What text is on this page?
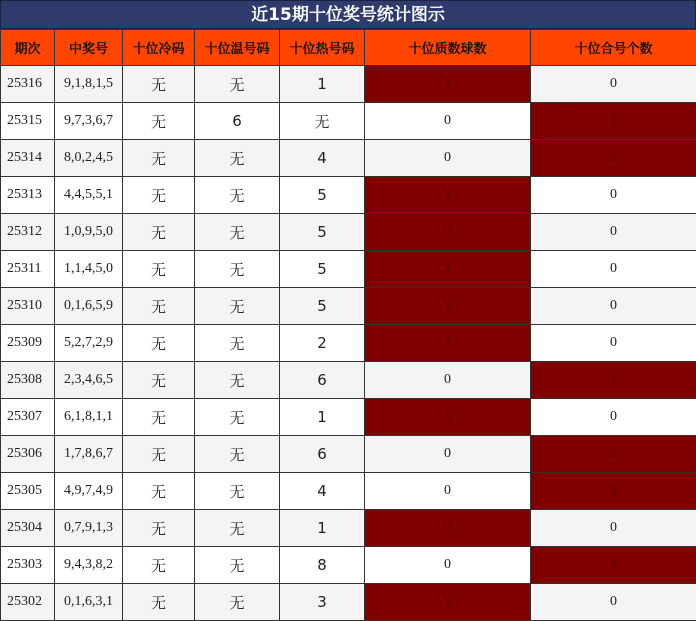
近15期十位奖号统计图示
期次	中奖号	十位冷码	十位温号码	十位热号码	十位质数球数	十位合号个数
25316	9,1,8,1,5	无	无	1	1	0
25315	9,7,3,6,7	无	6	无	0	1
25314	8,0,2,4,5	无	无	4	0	1
25313	4,4,5,5,1	无	无	5	1	0
25312	1,0,9,5,0	无	无	5	1	0
25311	1,1,4,5,0	无	无	5	1	0
25310	0,1,6,5,9	无	无	5	1	0
25309	5,2,7,2,9	无	无	2	1	0
25308	2,3,4,6,5	无	无	6	0	1
25307	6,1,8,1,1	无	无	1	1	0
25306	1,7,8,6,7	无	无	6	0	1
25305	4,9,7,4,9	无	无	4	0	1
25304	0,7,9,1,3	无	无	1	1	0
25303	9,4,3,8,2	无	无	8	0	1
25302	0,1,6,3,1	无	无	3	1	0
